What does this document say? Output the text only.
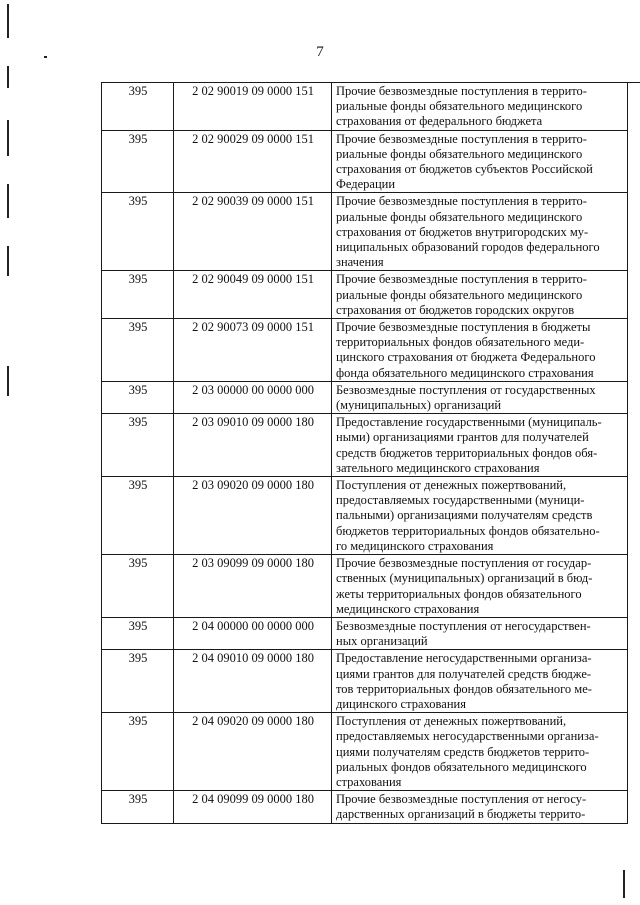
7
395	2 02 90019 09 0000 151	Прочие безвозмездные поступления в террито-
риальные фонды обязательного медицинского
страхования от федерального бюджета

395	2 02 90029 09 0000 151	Прочие безвозмездные поступления в террито-
риальные фонды обязательного медицинского
страхования от бюджетов субъектов Российской
Федерации

395	2 02 90039 09 0000 151	Прочие безвозмездные поступления в террито-
риальные фонды обязательного медицинского
страхования от бюджетов внутригородских му-
ниципальных образований городов федерального
значения

395	2 02 90049 09 0000 151	Прочие безвозмездные поступления в террито-
риальные фонды обязательного медицинского
страхования от бюджетов городских округов

395	2 02 90073 09 0000 151	Прочие безвозмездные поступления в бюджеты
территориальных фондов обязательного меди-
цинского страхования от бюджета Федерального
фонда обязательного медицинского страхования

395	2 03 00000 00 0000 000	Безвозмездные поступления от государственных
(муниципальных) организаций

395	2 03 09010 09 0000 180	Предоставление государственными (муниципаль-
ными) организациями грантов для получателей
средств бюджетов территориальных фондов обя-
зательного медицинского страхования

395	2 03 09020 09 0000 180	Поступления от денежных пожертвований,
предоставляемых государственными (муници-
пальными) организациями получателям средств
бюджетов территориальных фондов обязательно-
го медицинского страхования

395	2 03 09099 09 0000 180	Прочие безвозмездные поступления от государ-
ственных (муниципальных) организаций в бюд-
жеты территориальных фондов обязательного
медицинского страхования

395	2 04 00000 00 0000 000	Безвозмездные поступления от негосударствен-
ных организаций

395	2 04 09010 09 0000 180	Предоставление негосударственными организа-
циями грантов для получателей средств бюдже-
тов территориальных фондов обязательного ме-
дицинского страхования

395	2 04 09020 09 0000 180	Поступления от денежных пожертвований,
предоставляемых негосударственными организа-
циями получателям средств бюджетов террито-
риальных фондов обязательного медицинского
страхования

395	2 04 09099 09 0000 180	Прочие безвозмездные поступления от негосу-
дарственных организаций в бюджеты террито-
